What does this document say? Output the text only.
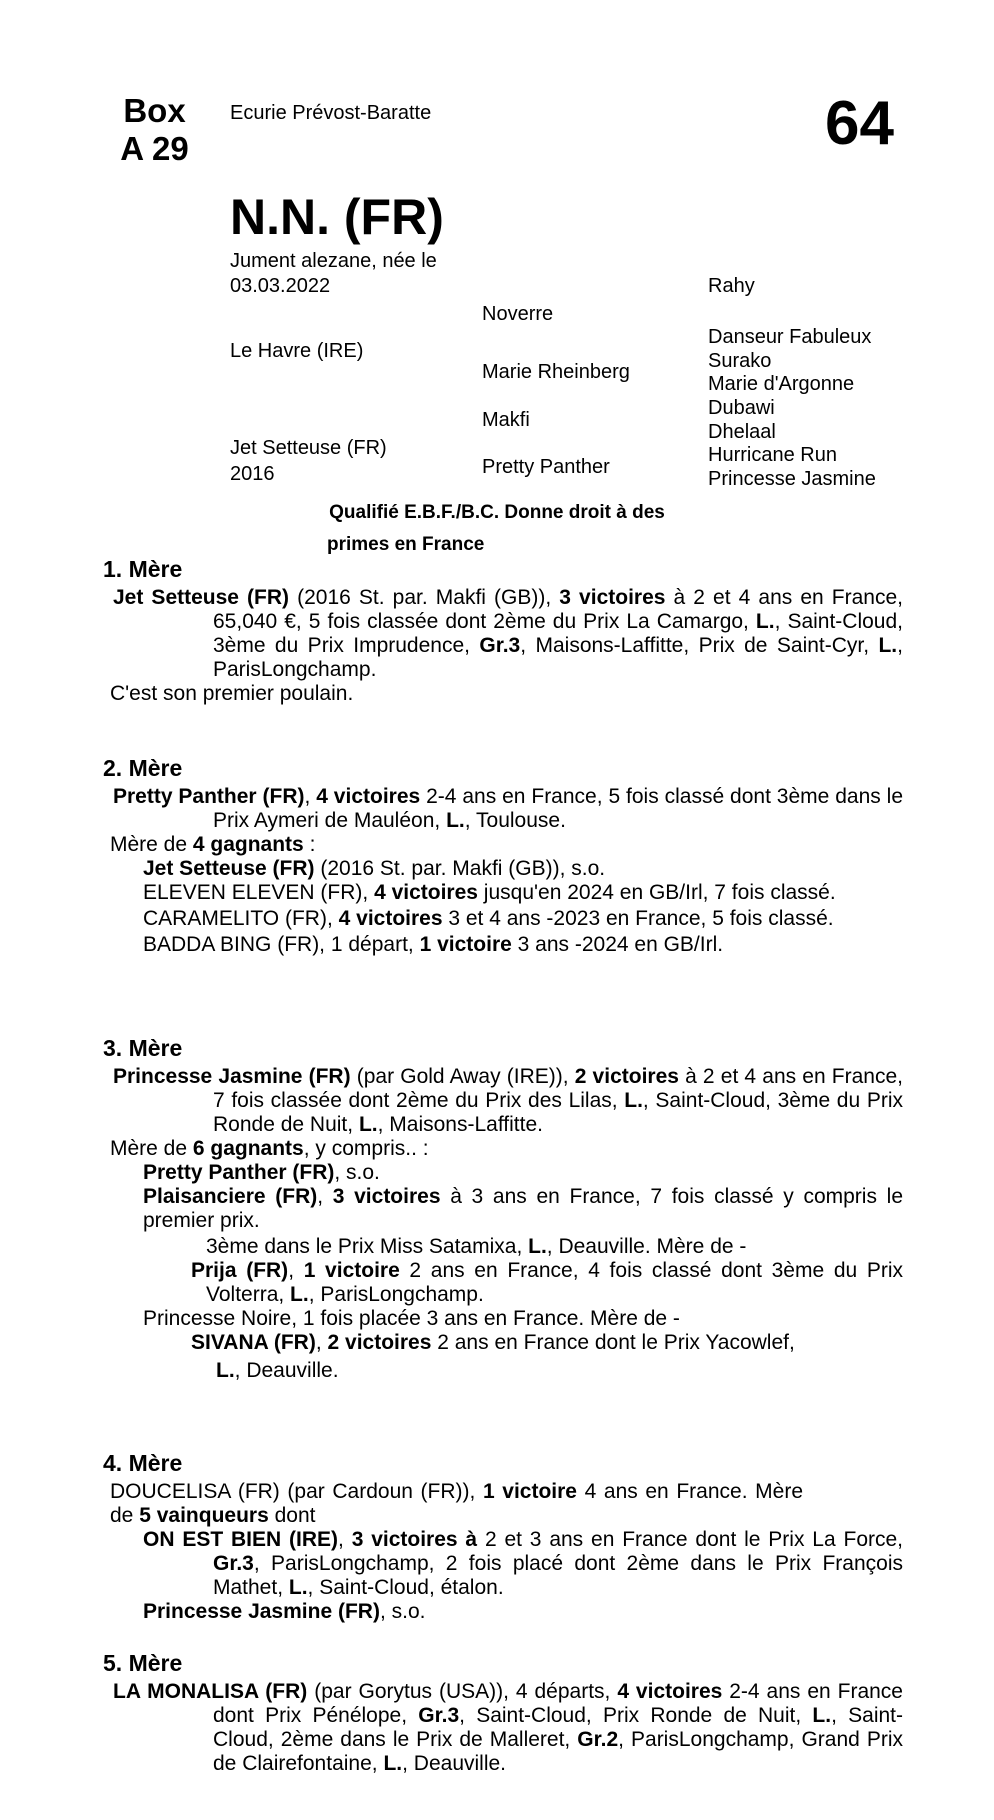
Box
A 29
Ecurie Prévost-Baratte	64
N.N. (FR)
Jument alezane, née le
03.03.2022
Le Havre (IRE)
Jet Setteuse (FR)
2016
Noverre
Marie Rheinberg
Makfi
Pretty Panther
Rahy
Danseur Fabuleux
Surako
Marie d'Argonne
Dubawi
Dhelaal
Hurricane Run
Princesse Jasmine
Qualifié E.B.F./B.C. Donne droit à des
primes en France
1. Mère

Jet Setteuse (FR) (2016 St. par. Makfi (GB)), 3 victoires à 2 et 4 ans en France, 65,040 €, 5 fois classée dont 2ème du Prix La Camargo, L., Saint-Cloud, 3ème du Prix Imprudence, Gr.3, Maisons-Laffitte, Prix de Saint-Cyr, L., ParisLongchamp.

C'est son premier poulain.

2. Mère

Pretty Panther (FR), 4 victoires 2-4 ans en France, 5 fois classé dont 3ème dans le Prix Aymeri de Mauléon, L., Toulouse.

Mère de 4 gagnants :

Jet Setteuse (FR) (2016 St. par. Makfi (GB)), s.o.

ELEVEN ELEVEN (FR), 4 victoires jusqu'en 2024 en GB/Irl, 7 fois classé.

CARAMELITO (FR), 4 victoires 3 et 4 ans -2023 en France, 5 fois classé.

BADDA BING (FR), 1 départ, 1 victoire 3 ans -2024 en GB/Irl.

3. Mère

Princesse Jasmine (FR) (par Gold Away (IRE)), 2 victoires à 2 et 4 ans en France, 7 fois classée dont 2ème du Prix des Lilas, L., Saint-Cloud, 3ème du Prix Ronde de Nuit, L., Maisons-Laffitte.

Mère de 6 gagnants, y compris.. :

Pretty Panther (FR), s.o.

Plaisanciere (FR), 3 victoires à 3 ans en France, 7 fois classé y compris le premier prix.

3ème dans le Prix Miss Satamixa, L., Deauville. Mère de -

Prija (FR), 1 victoire 2 ans en France, 4 fois classé dont 3ème du Prix Volterra, L., ParisLongchamp.

Princesse Noire, 1 fois placée 3 ans en France. Mère de -

SIVANA (FR), 2 victoires 2 ans en France dont le Prix Yacowlef,

L., Deauville.

4. Mère

DOUCELISA (FR) (par Cardoun (FR)), 1 victoire 4 ans en France. Mère de 5 vainqueurs dont

ON EST BIEN (IRE), 3 victoires à 2 et 3 ans en France dont le Prix La Force, Gr.3, ParisLongchamp, 2 fois placé dont 2ème dans le Prix François Mathet, L., Saint-Cloud, étalon.

Princesse Jasmine (FR), s.o.

5. Mère

LA MONALISA (FR) (par Gorytus (USA)), 4 départs, 4 victoires 2-4 ans en France dont Prix Pénélope, Gr.3, Saint-Cloud, Prix Ronde de Nuit, L., Saint-Cloud, 2ème dans le Prix de Malleret, Gr.2, ParisLongchamp, Grand Prix de Clairefontaine, L., Deauville.
